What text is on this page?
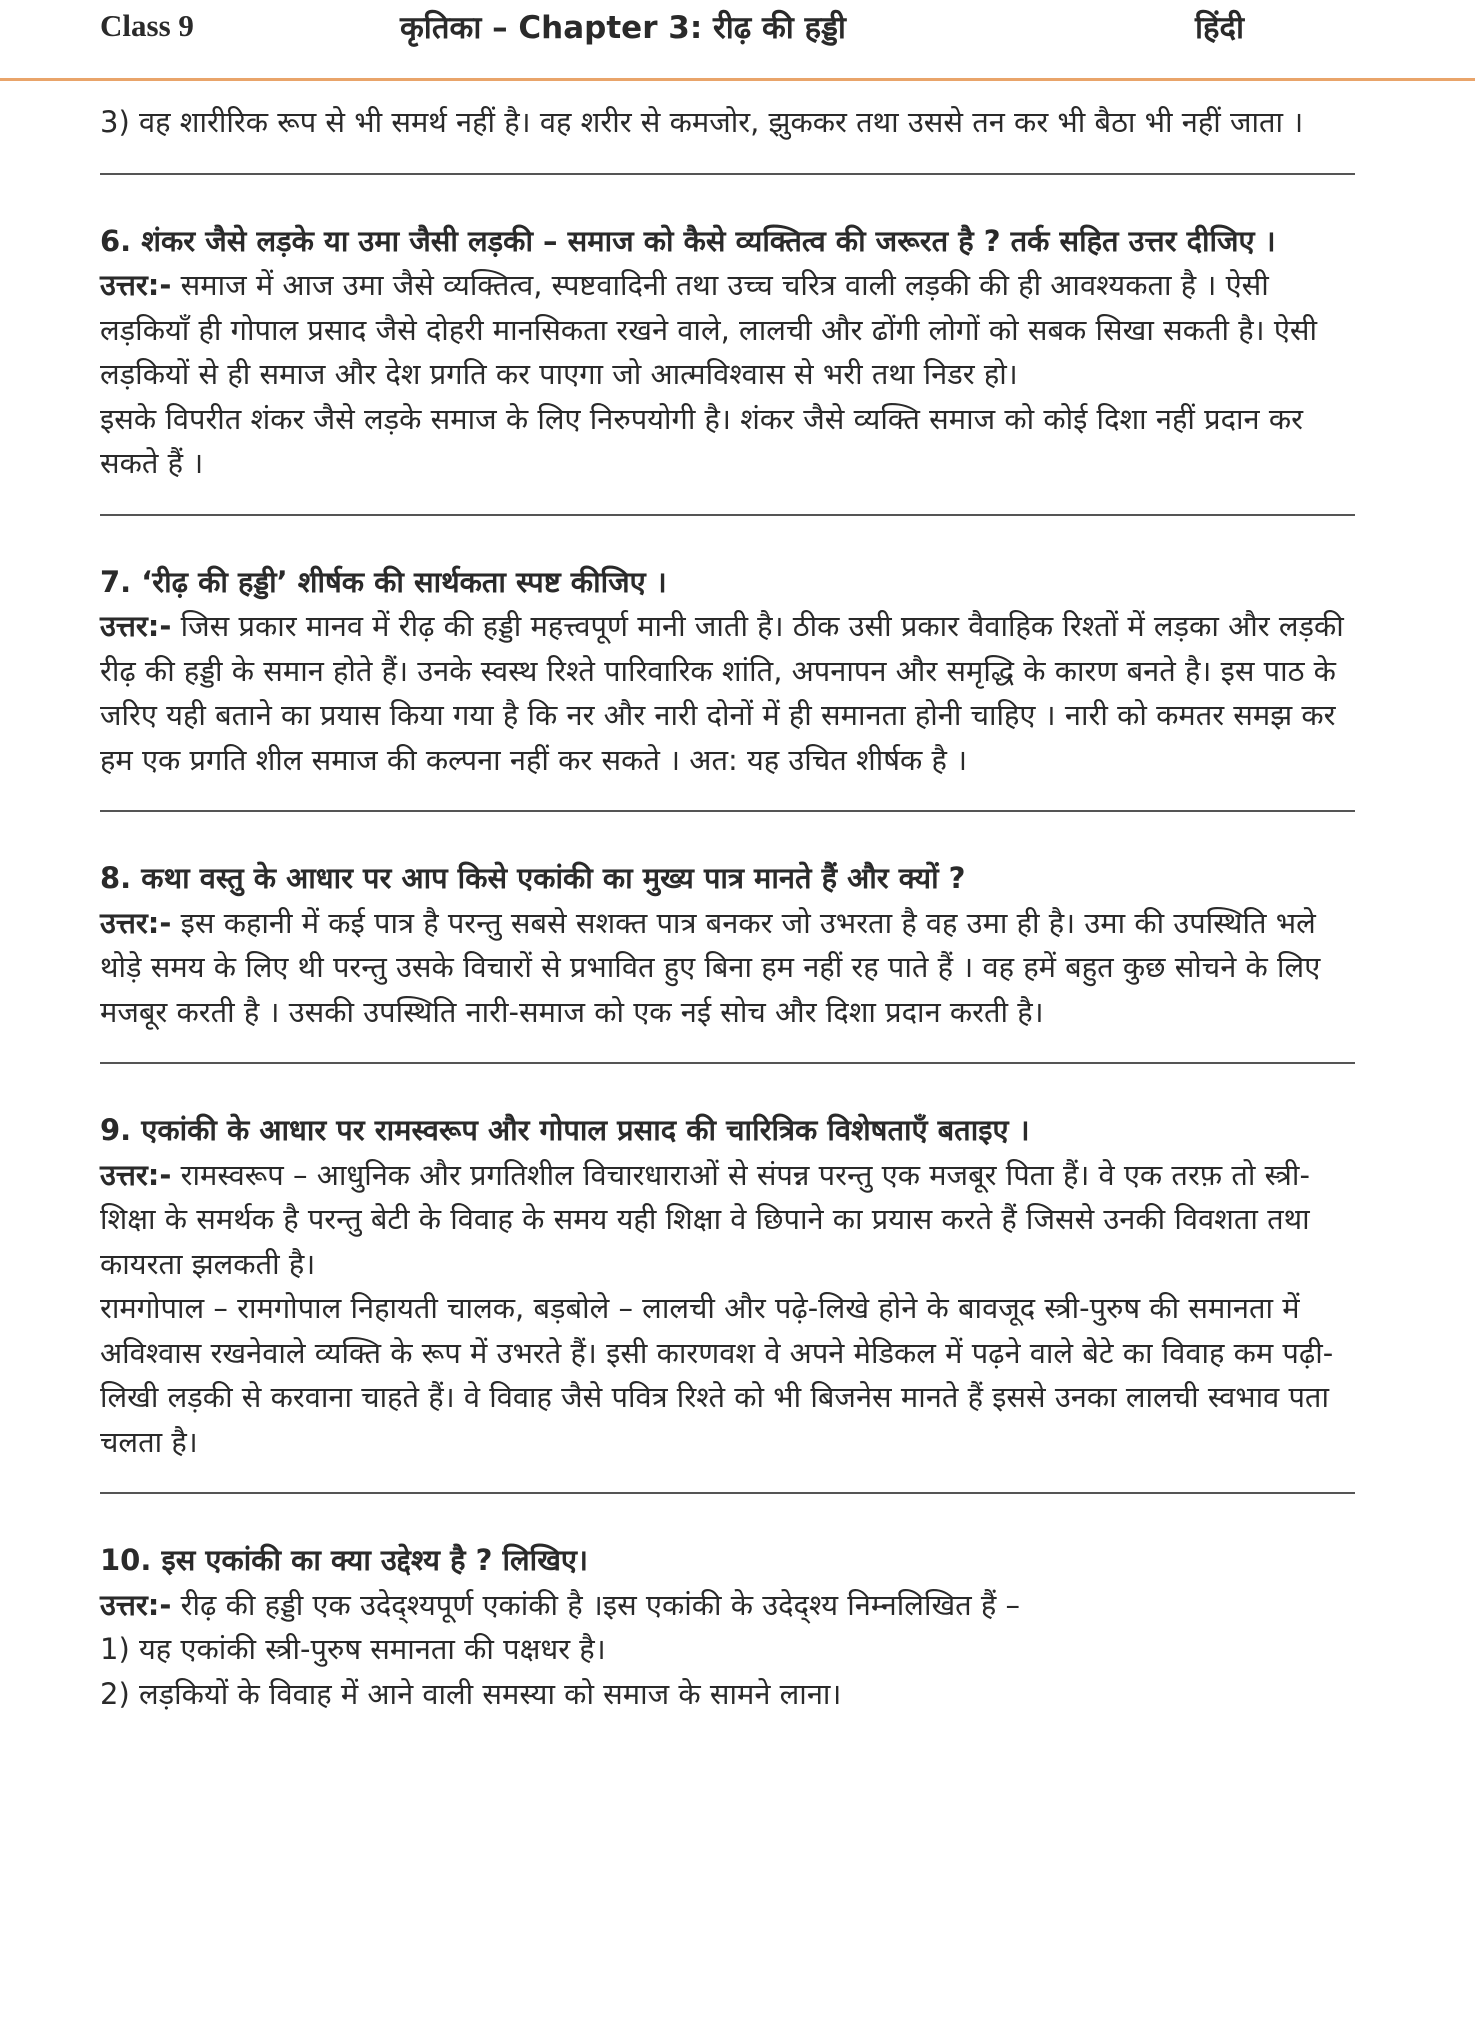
Class 9	कृतिका – Chapter 3: रीढ़ की हड्डी	हिंदी

3) वह शारीरिक रूप से भी समर्थ नहीं है। वह शरीर से कमजोर, झुककर तथा उससे तन कर भी बैठा भी नहीं जाता ।

6. शंकर जैसे लड़के या उमा जैसी लड़की – समाज को कैसे व्यक्तित्व की जरूरत है ? तर्क सहित उत्तर दीजिए ।

उत्तर:- समाज में आज उमा जैसे व्यक्तित्व, स्पष्टवादिनी तथा उच्च चरित्र वाली लड़की की ही आवश्यकता है । ऐसी लड़कियाँ ही गोपाल प्रसाद जैसे दोहरी मानसिकता रखने वाले, लालची और ढोंगी लोगों को सबक सिखा सकती है। ऐसी लड़कियों से ही समाज और देश प्रगति कर पाएगा जो आत्मविश्वास से भरी तथा निडर हो।

इसके विपरीत शंकर जैसे लड़के समाज के लिए निरुपयोगी है। शंकर जैसे व्यक्ति समाज को कोई दिशा नहीं प्रदान कर सकते हैं ।

7. ‘रीढ़ की हड्डी’ शीर्षक की सार्थकता स्पष्ट कीजिए ।

उत्तर:- जिस प्रकार मानव में रीढ़ की हड्डी महत्त्वपूर्ण मानी जाती है। ठीक उसी प्रकार वैवाहिक रिश्तों में लड़का और लड़की रीढ़ की हड्डी के समान होते हैं। उनके स्वस्थ रिश्ते पारिवारिक शांति, अपनापन और समृद्धि के कारण बनते है। इस पाठ के जरिए यही बताने का प्रयास किया गया है कि नर और नारी दोनों में ही समानता होनी चाहिए । नारी को कमतर समझ कर हम एक प्रगति शील समाज की कल्पना नहीं कर सकते । अत: यह उचित शीर्षक है ।

8. कथा वस्तु के आधार पर आप किसे एकांकी का मुख्य पात्र मानते हैं और क्यों ?

उत्तर:- इस कहानी में कई पात्र है परन्तु सबसे सशक्त पात्र बनकर जो उभरता है वह उमा ही है। उमा की उपस्थिति भले थोड़े समय के लिए थी परन्तु उसके विचारों से प्रभावित हुए बिना हम नहीं रह पाते हैं । वह हमें बहुत कुछ सोचने के लिए मजबूर करती है । उसकी उपस्थिति नारी-समाज को एक नई सोच और दिशा प्रदान करती है।

9. एकांकी के आधार पर रामस्वरूप और गोपाल प्रसाद की चारित्रिक विशेषताएँ बताइए ।

उत्तर:- रामस्वरूप – आधुनिक और प्रगतिशील विचारधाराओं से संपन्न परन्तु एक मजबूर पिता हैं। वे एक तरफ़ तो स्त्री-शिक्षा के समर्थक है परन्तु बेटी के विवाह के समय यही शिक्षा वे छिपाने का प्रयास करते हैं जिससे उनकी विवशता तथा कायरता झलकती है।

रामगोपाल – रामगोपाल निहायती चालक, बड़बोले – लालची और पढ़े-लिखे होने के बावजूद स्त्री-पुरुष की समानता में अविश्वास रखनेवाले व्यक्ति के रूप में उभरते हैं। इसी कारणवश वे अपने मेडिकल में पढ़ने वाले बेटे का विवाह कम पढ़ी-लिखी लड़की से करवाना चाहते हैं। वे विवाह जैसे पवित्र रिश्ते को भी बिजनेस मानते हैं इससे उनका लालची स्वभाव पता चलता है।

10. इस एकांकी का क्या उद्देश्य है ? लिखिए।

उत्तर:- रीढ़ की हड्डी एक उदेद्श्यपूर्ण एकांकी है ।इस एकांकी के उदेद्श्य निम्नलिखित हैं –

1) यह एकांकी स्त्री-पुरुष समानता की पक्षधर है।

2) लड़कियों के विवाह में आने वाली समस्या को समाज के सामने लाना।
